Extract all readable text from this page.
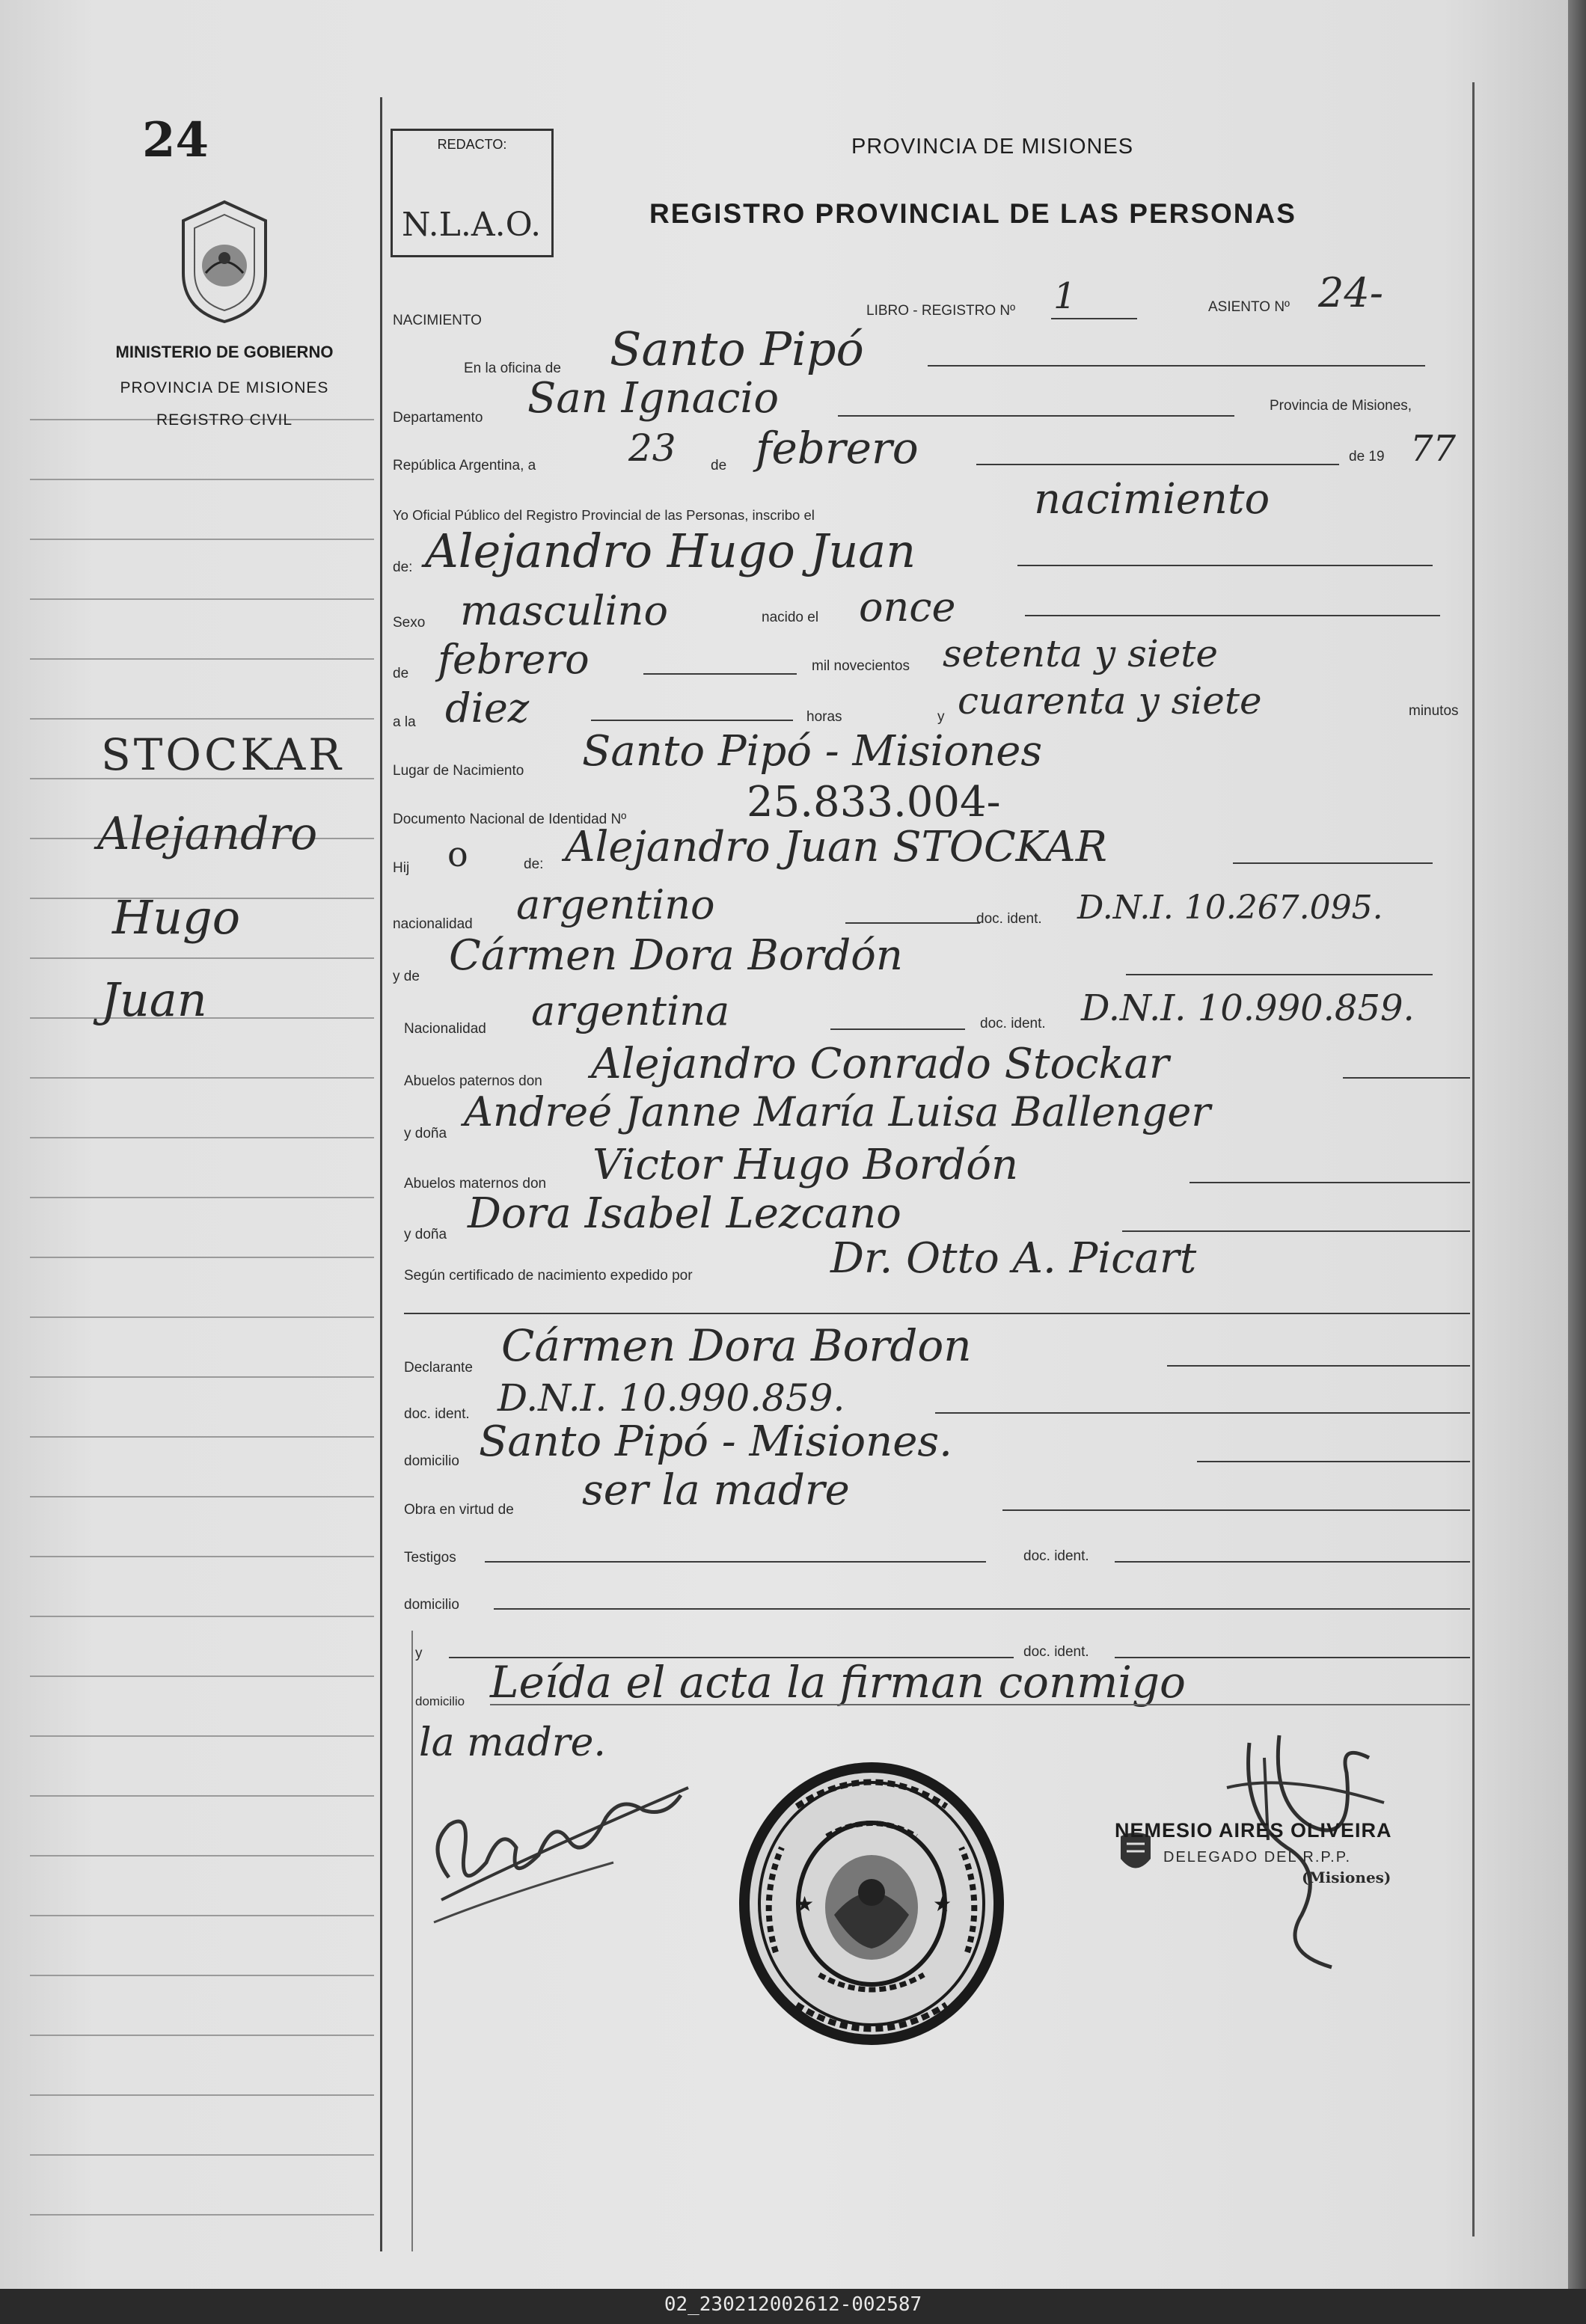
24
MINISTERIO DE GOBIERNO
PROVINCIA DE MISIONES
REGISTRO CIVIL
STOCKAR
Alejandro
Hugo
Juan
REDACTO:
N.L.A.O.
PROVINCIA DE MISIONES
REGISTRO PROVINCIAL DE LAS PERSONAS
NACIMIENTO
LIBRO - REGISTRO Nº 1	ASIENTO Nº 24-
En la oficina de Santo Pipó
Departamento San Ignacio	Provincia de Misiones,
República Argentina, a 23 de febrero	de 19 77
Yo Oficial Público del Registro Provincial de las Personas, inscribo el	nacimiento
de: Alejandro Hugo Juan
Sexo masculino	nacido el once
de febrero	mil novecientos setenta y siete
a la diez	horas	y cuarenta y siete	minutos
Lugar de Nacimiento Santo Pipó - Misiones
Documento Nacional de Identidad Nº	25.833.004-
Hij o	de: Alejandro Juan STOCKAR
nacionalidad argentino	doc. ident. D.N.I. 10.267.095.
y de Cármen Dora Bordón
Nacionalidad argentina	doc. ident. D.N.I. 10.990.859.
Abuelos paternos don Alejandro Conrado Stockar
y doña Andreé Janne María Luisa Ballenger
Abuelos maternos don Victor Hugo Bordón
y doña Dora Isabel Lezcano
Según certificado de nacimiento expedido por	Dr. Otto A. Picart
Declarante Cármen Dora Bordon
doc. ident. D.N.I. 10.990.859.
domicilio Santo Pipó - Misiones.
Obra en virtud de ser la madre
Testigos	doc. ident.
domicilio
y	doc. ident.
domicilio Leída el acta la firman conmigo
la madre.
★	★
NEMESIO AIRES OLIVEIRA
DELEGADO DEL R.P.P.
(Misiones)
02_230212002612-002587
